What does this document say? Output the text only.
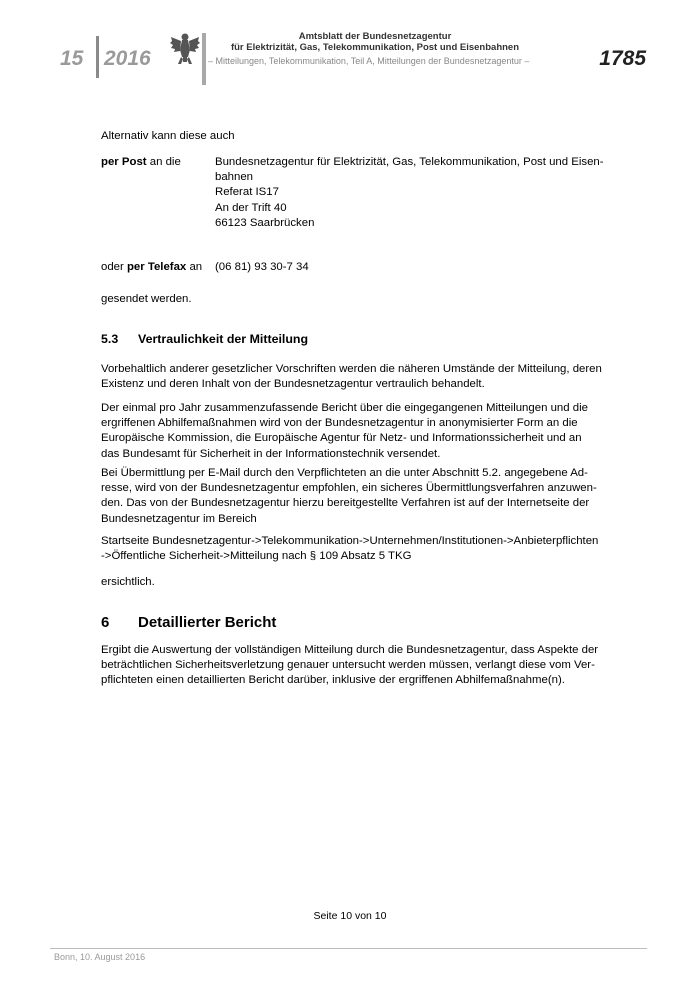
15 2016
Amtsblatt der Bundesnetzagentur
für Elektrizität, Gas, Telekommunikation, Post und Eisenbahnen
– Mitteilungen, Telekommunikation, Teil A, Mitteilungen der Bundesnetzagentur –	1785
Alternativ kann diese auch
per Post an die	Bundesnetzagentur für Elektrizität, Gas, Telekommunikation, Post und Eisen-
bahnen
Referat IS17
An der Trift 40
66123 Saarbrücken
oder per Telefax an (06 81) 93 30-7 34
gesendet werden.
5.3 Vertraulichkeit der Mitteilung
Vorbehaltlich anderer gesetzlicher Vorschriften werden die näheren Umstände der Mitteilung, deren
Existenz und deren Inhalt von der Bundesnetzagentur vertraulich behandelt.
Der einmal pro Jahr zusammenzufassende Bericht über die eingegangenen Mitteilungen und die
ergriffenen Abhilfemaßnahmen wird von der Bundesnetzagentur in anonymisierter Form an die
Europäische Kommission, die Europäische Agentur für Netz- und Informationssicherheit und an
das Bundesamt für Sicherheit in der Informationstechnik versendet.
Bei Übermittlung per E-Mail durch den Verpflichteten an die unter Abschnitt 5.2. angegebene Ad-
resse, wird von der Bundesnetzagentur empfohlen, ein sicheres Übermittlungsverfahren anzuwen-
den. Das von der Bundesnetzagentur hierzu bereitgestellte Verfahren ist auf der Internetseite der
Bundesnetzagentur im Bereich
Startseite Bundesnetzagentur->Telekommunikation->Unternehmen/Institutionen->Anbieterpflichten
->Öffentliche Sicherheit->Mitteilung nach § 109 Absatz 5 TKG
ersichtlich.
6 Detaillierter Bericht
Ergibt die Auswertung der vollständigen Mitteilung durch die Bundesnetzagentur, dass Aspekte der
beträchtlichen Sicherheitsverletzung genauer untersucht werden müssen, verlangt diese vom Ver-
pflichteten einen detaillierten Bericht darüber, inklusive der ergriffenen Abhilfemaßnahme(n).
Seite 10 von 10
Bonn, 10. August 2016
